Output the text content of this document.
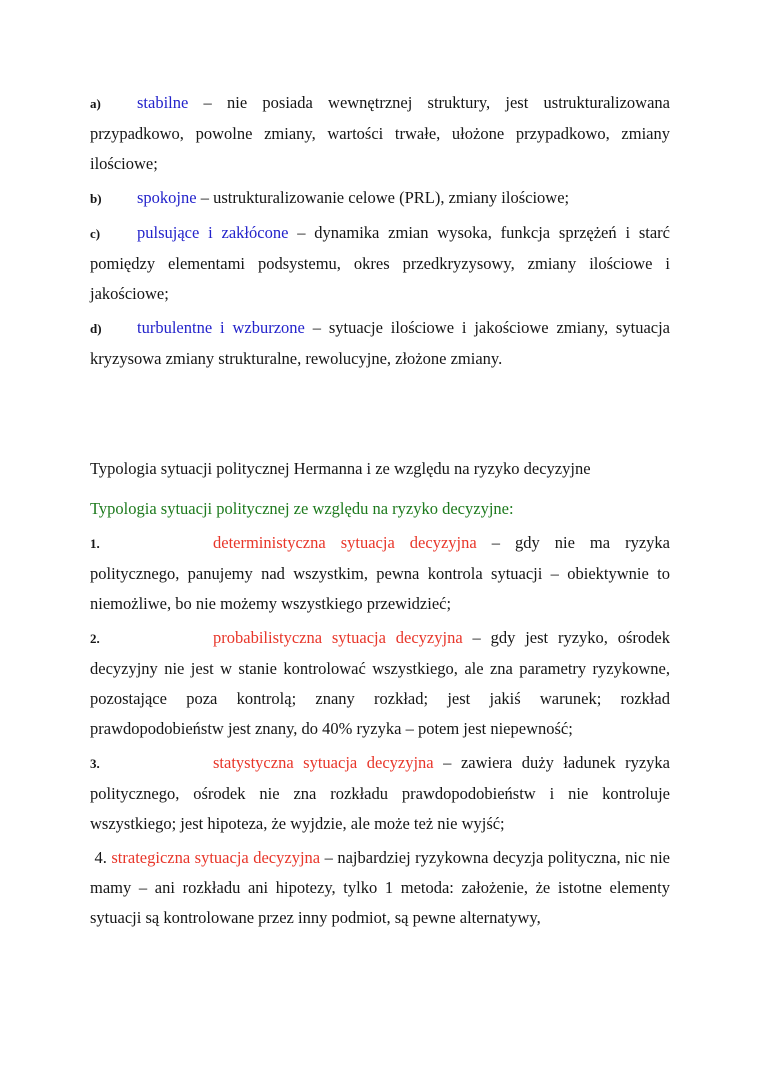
a) stabilne – nie posiada wewnętrznej struktury, jest ustrukturalizowana przypadkowo, powolne zmiany, wartości trwałe, ułożone przypadkowo, zmiany ilościowe;

b) spokojne – ustrukturalizowanie celowe (PRL), zmiany ilościowe;

c) pulsujące i zakłócone – dynamika zmian wysoka, funkcja sprzężeń i starć pomiędzy elementami podsystemu, okres przedkryzysowy, zmiany ilościowe i jakościowe;

d) turbulentne i wzburzone – sytuacje ilościowe i jakościowe zmiany, sytuacja kryzysowa zmiany strukturalne, rewolucyjne, złożone zmiany.

Typologia sytuacji politycznej Hermanna i ze względu na ryzyko decyzyjne

Typologia sytuacji politycznej ze względu na ryzyko decyzyjne:

1.	deterministyczna sytuacja decyzyjna – gdy nie ma ryzyka politycznego, panujemy nad wszystkim, pewna kontrola sytuacji – obiektywnie to niemożliwe, bo nie możemy wszystkiego przewidzieć;

2.	probabilistyczna sytuacja decyzyjna – gdy jest ryzyko, ośrodek decyzyjny nie jest w stanie kontrolować wszystkiego, ale zna parametry ryzykowne, pozostające poza kontrolą; znany rozkład; jest jakiś warunek; rozkład prawdopodobieństw jest znany, do 40% ryzyka – potem jest niepewność;

3.	statystyczna sytuacja decyzyjna – zawiera duży ładunek ryzyka politycznego, ośrodek nie zna rozkładu prawdopodobieństw i nie kontroluje wszystkiego; jest hipoteza, że wyjdzie, ale może też nie wyjść;

4. strategiczna sytuacja decyzyjna – najbardziej ryzykowna decyzja polityczna, nic nie mamy – ani rozkładu ani hipotezy, tylko 1 metoda: założenie, że istotne elementy sytuacji są kontrolowane przez inny podmiot, są pewne alternatywy,
